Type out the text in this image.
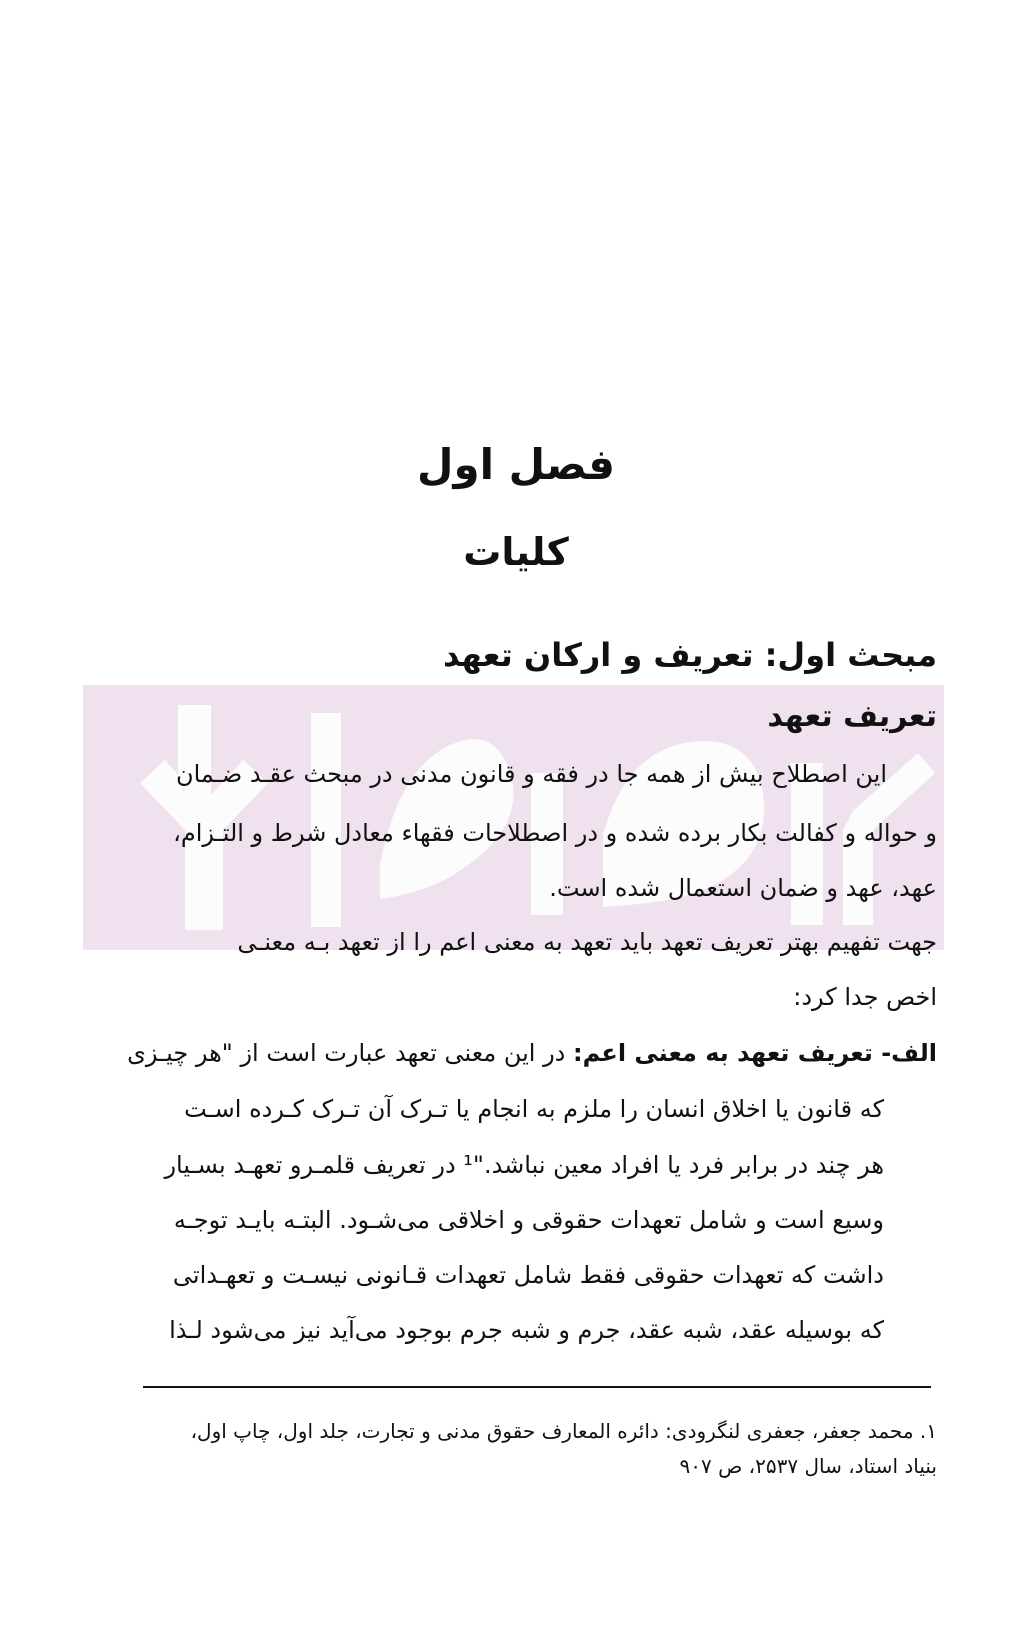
فصل اول
کلیات
مبحث اول: تعریف و ارکان تعهد
تعریف تعهد
این اصطلاح بیش از همه جا در فقه و قانون مدنی در مبحث عقـد ضـمان
و حواله و کفالت بکار برده شده و در اصطلاحات فقهاء معادل شرط و التـزام،
عهد، عهد و ضمان استعمال شده است.
جهت تفهیم بهتر تعریف تعهد باید تعهد به معنی اعم را از تعهد بـه معنـی
اخص جدا کرد:
الف- تعریف تعهد به معنی اعم: در این معنی تعهد عبارت است از "هر چیـزی
که قانون یا اخلاق انسان را ملزم به انجام یا تـرک آن تـرک کـرده اسـت
هر چند در برابر فرد یا افراد معین نباشد."¹ در تعریف قلمـرو تعهـد بسـیار
وسیع است و شامل تعهدات حقوقی و اخلاقی می‌شـود. البتـه بایـد توجـه
داشت که تعهدات حقوقی فقط شامل تعهدات قـانونی نیسـت و تعهـداتی
که بوسیله عقد، شبه عقد، جرم و شبه جرم بوجود می‌آید نیز می‌شود لـذا
۱. محمد جعفر، جعفری لنگرودی: دائره المعارف حقوق مدنی و تجارت، جلد اول، چاپ اول،
بنیاد استاد، سال ۲۵۳۷، ص ۹۰۷
